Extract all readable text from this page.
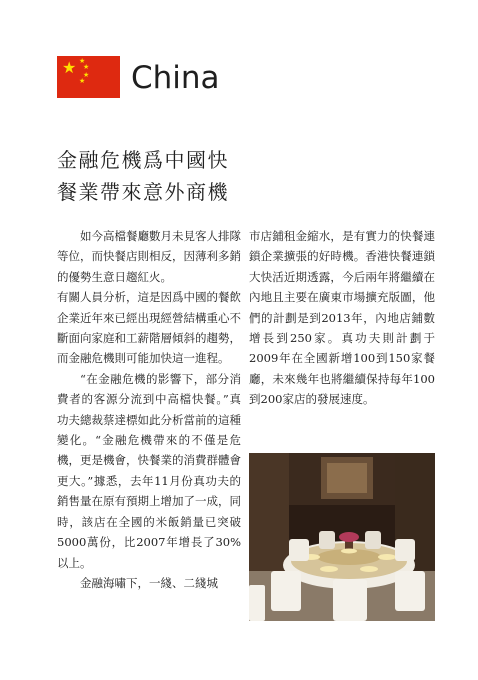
★ ★
★
★
★ China
金融危機爲中國快
餐業帶來意外商機

如今高檔餐廳數月未見客人排隊等位，而快餐店則相反，因薄利多銷的優勢生意日趨紅火。

有關人員分析，這是因爲中國的餐飲企業近年來已經出現經營結構重心不斷面向家庭和工薪階層傾斜的趨勢，而金融危機則可能加快這一進程。

“在金融危機的影響下，部分消費者的客源分流到中高檔快餐。”真功夫總裁蔡達標如此分析當前的這種變化。“金融危機帶來的不僅是危機，更是機會，快餐業的消費群體會更大。”據悉，去年11月份真功夫的銷售量在原有預期上增加了一成，同時，該店在全國的米飯銷量已突破5000萬份，比2007年增長了30%以上。

金融海嘯下，一綫、二綫城

市店鋪租金縮水，是有實力的快餐連鎖企業擴張的好時機。香港快餐連鎖大快活近期透露，今后兩年將繼續在內地且主要在廣東市場擴充版圖，他們的計劃是到2013年，內地店鋪數增長到250家。真功夫則計劃于2009年在全國新增100到150家餐廳，未來幾年也將繼續保持每年100到200家店的發展速度。
